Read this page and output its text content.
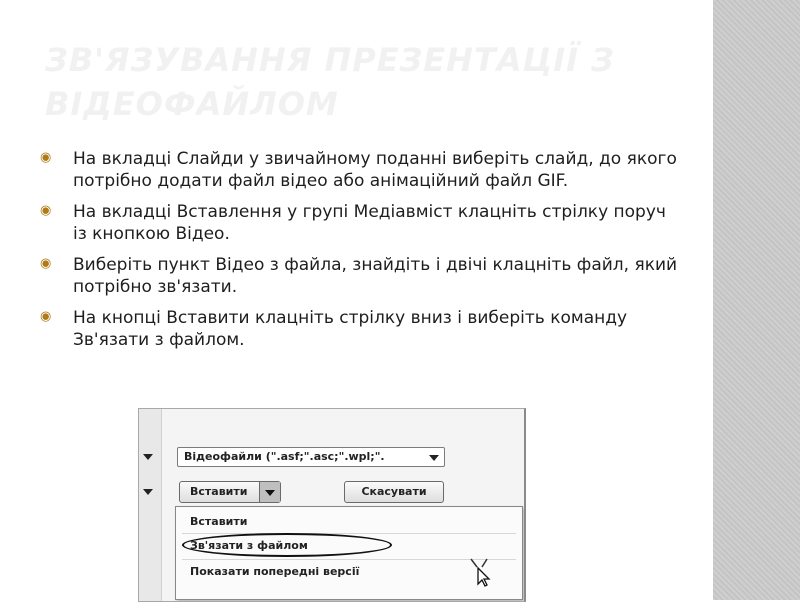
ЗВ'ЯЗУВАННЯ ПРЕЗЕНТАЦІЇ З ВІДЕОФАЙЛОМ
◉
На вкладці Слайди у звичайному поданні виберіть слайд, до якого потрібно додати файл відео або анімаційний файл GIF.
◉
На вкладці Вставлення у групі Медіавміст клацніть стрілку поруч із кнопкою Відео.
◉
Виберіть пункт Відео з файла, знайдіть і двічі клацніть файл, який потрібно зв'язати.
◉
На кнопці Вставити клацніть стрілку вниз і виберіть команду Зв'язати з файлом.
Відеофайли (".asf;".asc;".wpl;".
Вставити	Скасувати
Вставити
Зв'язати з файлом
Показати попередні версії
